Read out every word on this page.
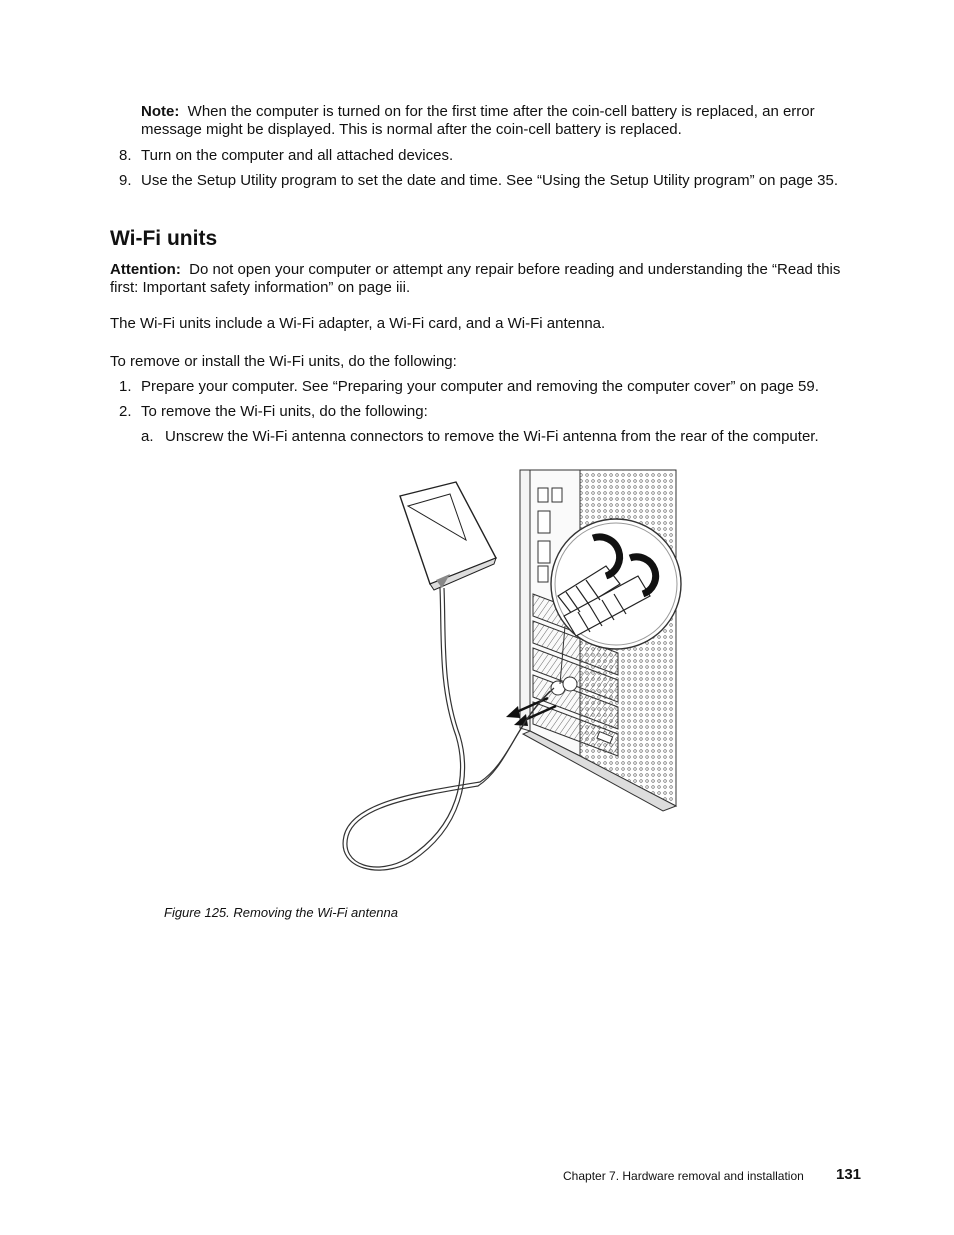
Note: When the computer is turned on for the first time after the coin-cell battery is replaced, an error message might be displayed. This is normal after the coin-cell battery is replaced.
8. Turn on the computer and all attached devices.
9. Use the Setup Utility program to set the date and time. See “Using the Setup Utility program” on page 35.
Wi-Fi units
Attention: Do not open your computer or attempt any repair before reading and understanding the “Read this first: Important safety information” on page iii.
The Wi-Fi units include a Wi-Fi adapter, a Wi-Fi card, and a Wi-Fi antenna.
To remove or install the Wi-Fi units, do the following:
1. Prepare your computer. See “Preparing your computer and removing the computer cover” on page 59.
2. To remove the Wi-Fi units, do the following:
a. Unscrew the Wi-Fi antenna connectors to remove the Wi-Fi antenna from the rear of the computer.
Figure 125. Removing the Wi-Fi antenna
Chapter 7. Hardware removal and installation 131
